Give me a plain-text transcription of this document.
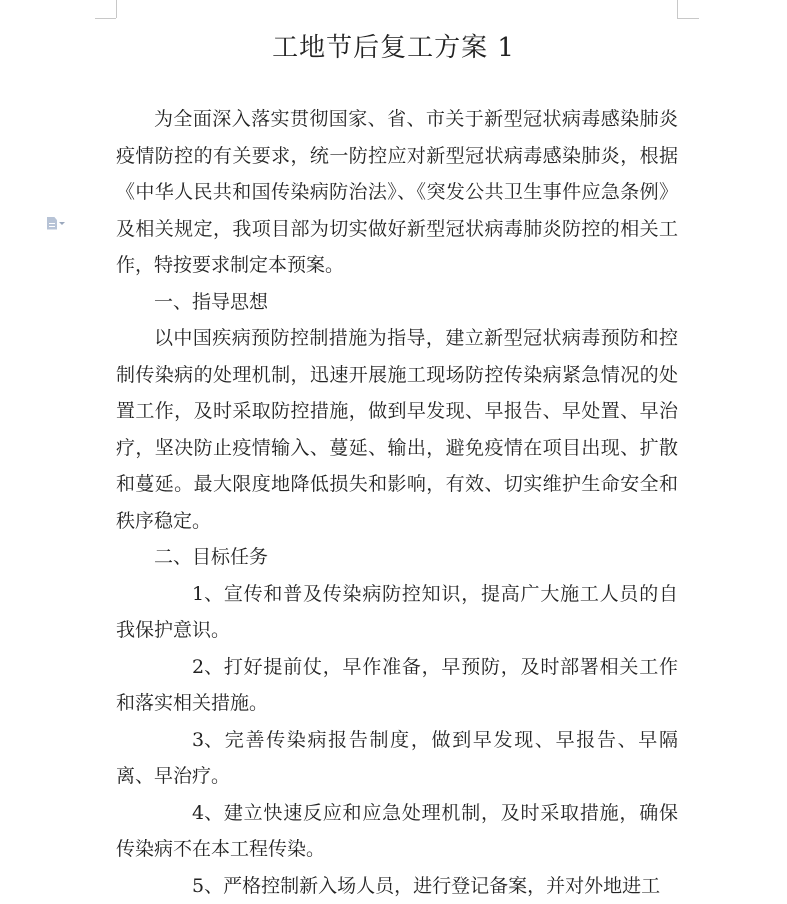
工地节后复工方案 1

为全面深入落实贯彻国家、省、市关于新型冠状病毒感染肺炎疫情防控的有关要求，统一防控应对新型冠状病毒感染肺炎，根据《中华人民共和国传染病防治法》、《突发公共卫生事件应急条例》及相关规定，我项目部为切实做好新型冠状病毒肺炎防控的相关工作，特按要求制定本预案。

一、指导思想

以中国疾病预防控制措施为指导，建立新型冠状病毒预防和控制传染病的处理机制，迅速开展施工现场防控传染病紧急情况的处置工作，及时采取防控措施，做到早发现、早报告、早处置、早治疗，坚决防止疫情输入、蔓延、输出，避免疫情在项目出现、扩散和蔓延。最大限度地降低损失和影响，有效、切实维护生命安全和秩序稳定。

二、目标任务

1、宣传和普及传染病防控知识，提高广大施工人员的自我保护意识。

2、打好提前仗，早作准备，早预防，及时部署相关工作和落实相关措施。

3、完善传染病报告制度，做到早发现、早报告、早隔离、早治疗。

4、建立快速反应和应急处理机制，及时采取措施，确保传染病不在本工程传染。

5、严格控制新入场人员，进行登记备案，并对外地进工
